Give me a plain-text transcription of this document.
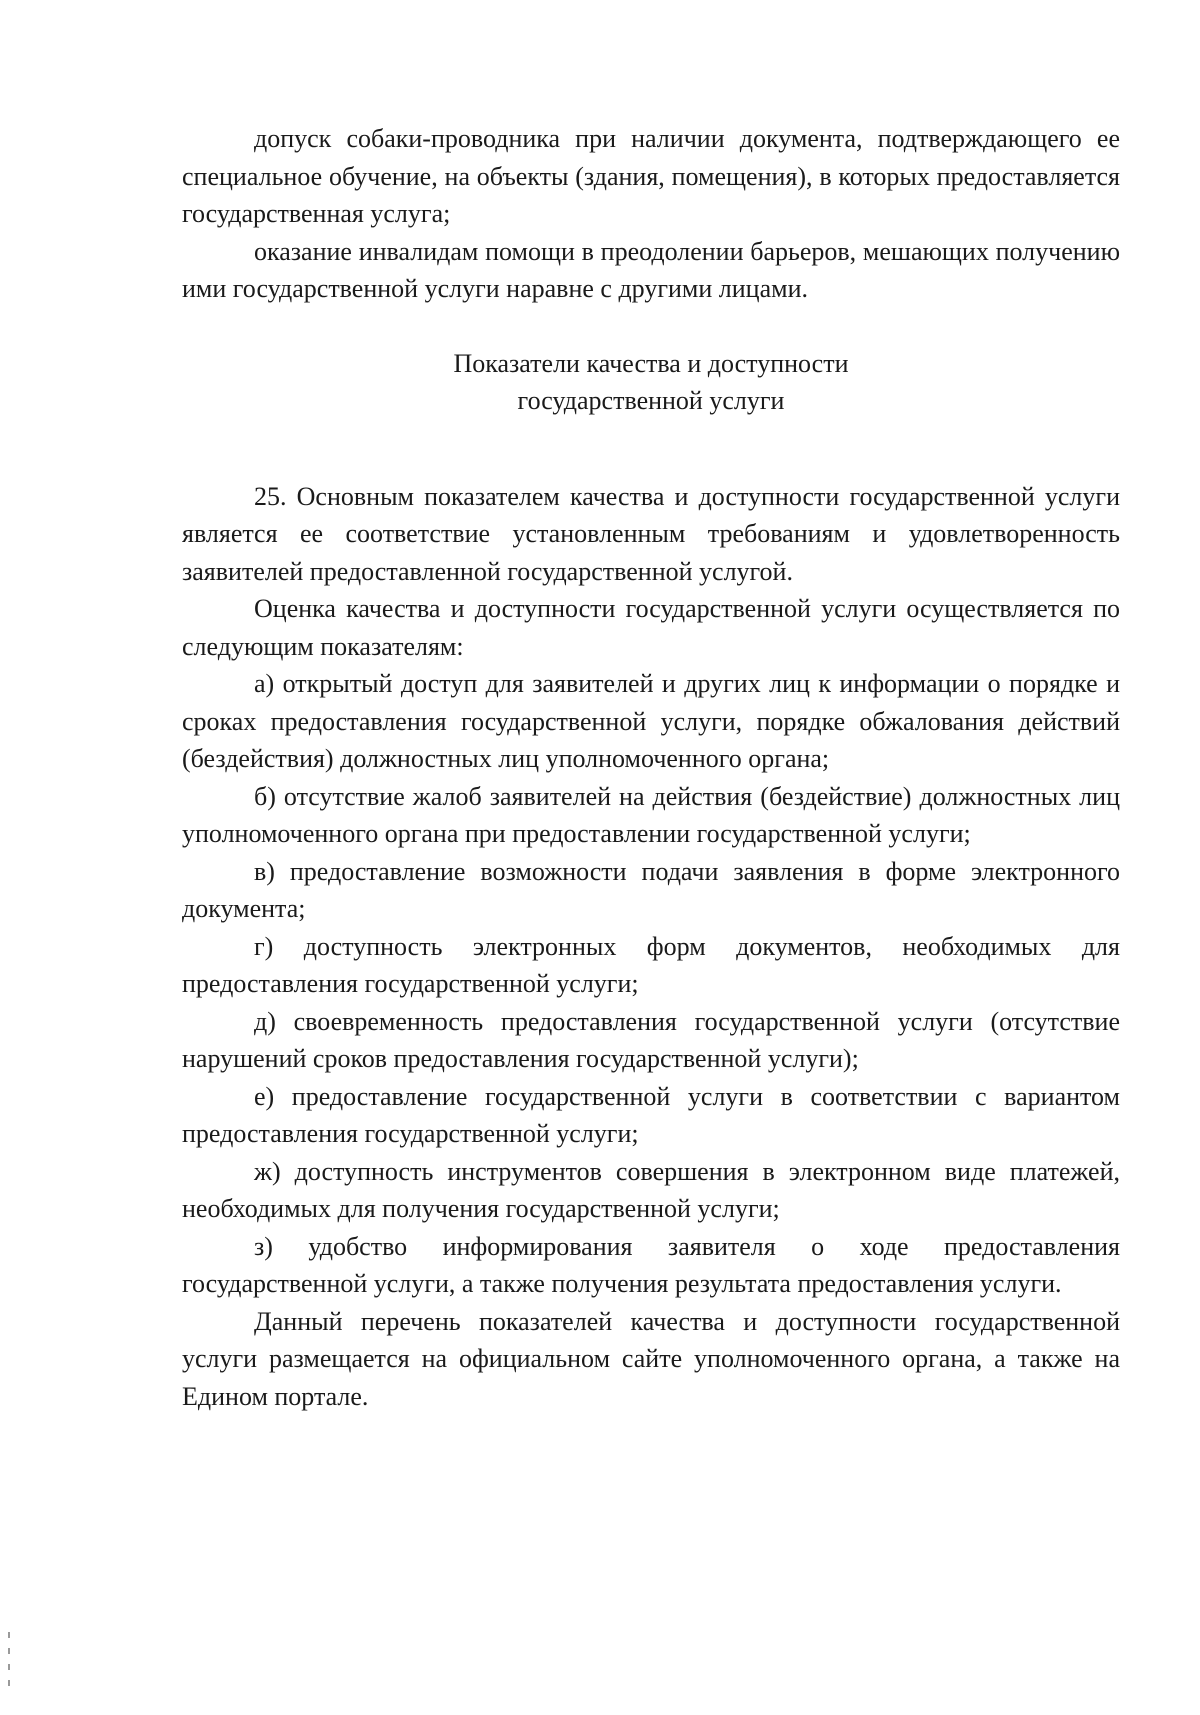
допуск собаки-проводника при наличии документа, подтверждающего ее специальное обучение, на объекты (здания, помещения), в которых предоставляется государственная услуга;

оказание инвалидам помощи в преодолении барьеров, мешающих получению ими государственной услуги наравне с другими лицами.

Показатели качества и доступности

государственной услуги

25. Основным показателем качества и доступности государственной услуги является ее соответствие установленным требованиям и удовлетворенность заявителей предоставленной государственной услугой.

Оценка качества и доступности государственной услуги осуществляется по следующим показателям:

а) открытый доступ для заявителей и других лиц к информации о порядке и сроках предоставления государственной услуги, порядке обжалования действий (бездействия) должностных лиц уполномоченного органа;

б) отсутствие жалоб заявителей на действия (бездействие) должностных лиц уполномоченного органа при предоставлении государственной услуги;

в) предоставление возможности подачи заявления в форме электронного документа;

г) доступность электронных форм документов, необходимых для предоставления государственной услуги;

д) своевременность предоставления государственной услуги (отсутствие нарушений сроков предоставления государственной услуги);

е) предоставление государственной услуги в соответствии с вариантом предоставления государственной услуги;

ж) доступность инструментов совершения в электронном виде платежей, необходимых для получения государственной услуги;

з) удобство информирования заявителя о ходе предоставления государственной услуги, а также получения результата предоставления услуги.

Данный перечень показателей качества и доступности государственной услуги размещается на официальном сайте уполномоченного органа, а также на Едином портале.
